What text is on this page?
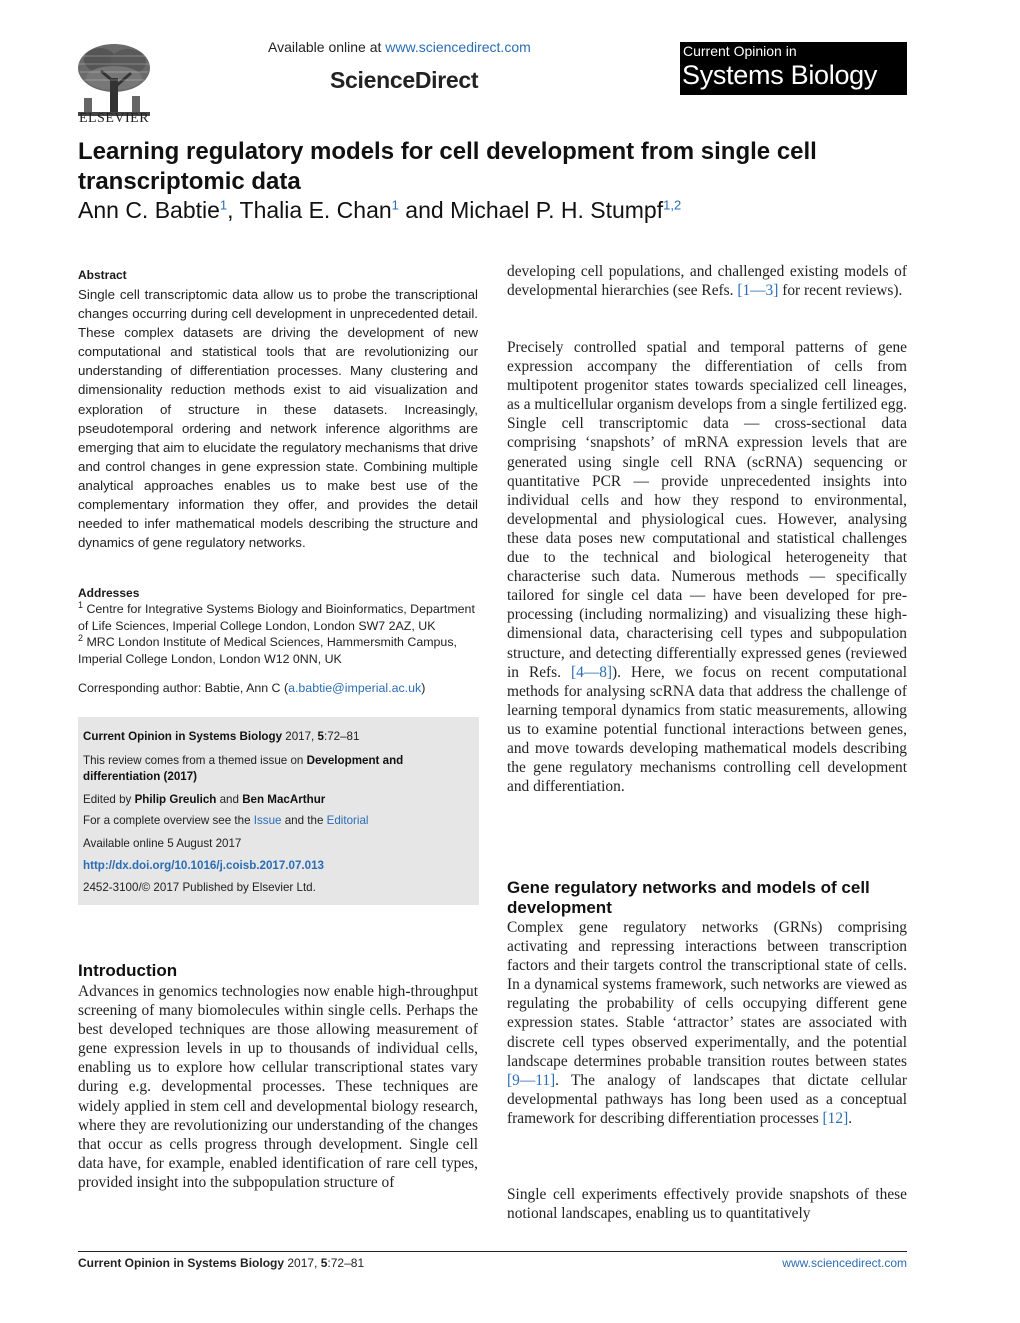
ELSEVIER
Available online at www.sciencedirect.com
ScienceDirect
Current Opinion in
Systems Biology
Learning regulatory models for cell development from single cell transcriptomic data
Ann C. Babtie$^1$, Thalia E. Chan$^1$ and Michael P. H. Stumpf$^{1,2}$
Abstract
Single cell transcriptomic data allow us to probe the transcriptional changes occurring during cell development in unprecedented detail. These complex datasets are driving the development of new computational and statistical tools that are revolutionizing our understanding of differentiation processes. Many clustering and dimensionality reduction methods exist to aid visualization and exploration of structure in these datasets. Increasingly, pseudotemporal ordering and network inference algorithms are emerging that aim to elucidate the regulatory mechanisms that drive and control changes in gene expression state. Combining multiple analytical approaches enables us to make best use of the complementary information they offer, and provides the detail needed to infer mathematical models describing the structure and dynamics of gene regulatory networks.
Addresses
$^1$ Centre for Integrative Systems Biology and Bioinformatics, Department of Life Sciences, Imperial College London, London SW7 2AZ, UK
$^2$ MRC London Institute of Medical Sciences, Hammersmith Campus, Imperial College London, London W12 0NN, UK
Corresponding author: Babtie, Ann C (a.babtie@imperial.ac.uk)
Current Opinion in Systems Biology 2017, 5:72–81
This review comes from a themed issue on Development and differentiation (2017)
Edited by Philip Greulich and Ben MacArthur
For a complete overview see the Issue and the Editorial
Available online 5 August 2017
http://dx.doi.org/10.1016/j.coisb.2017.07.013
2452-3100/© 2017 Published by Elsevier Ltd.
Introduction
Advances in genomics technologies now enable high-throughput screening of many biomolecules within single cells. Perhaps the best developed techniques are those allowing measurement of gene expression levels in up to thousands of individual cells, enabling us to explore how cellular transcriptional states vary during e.g. developmental processes. These techniques are widely applied in stem cell and developmental biology research, where they are revolutionizing our understanding of the changes that occur as cells progress through development. Single cell data have, for example, enabled identification of rare cell types, provided insight into the subpopulation structure of
developing cell populations, and challenged existing models of developmental hierarchies (see Refs. [1—3] for recent reviews).
Precisely controlled spatial and temporal patterns of gene expression accompany the differentiation of cells from multipotent progenitor states towards specialized cell lineages, as a multicellular organism develops from a single fertilized egg. Single cell transcriptomic data — cross-sectional data comprising ‘snapshots’ of mRNA expression levels that are generated using single cell RNA (scRNA) sequencing or quantitative PCR — provide unprecedented insights into individual cells and how they respond to environmental, developmental and physiological cues. However, analysing these data poses new computational and statistical challenges due to the technical and biological heterogeneity that characterise such data. Numerous methods — specifically tailored for single cel data — have been developed for pre-processing (including normalizing) and visualizing these high-dimensional data, characterising cell types and subpopulation structure, and detecting differentially expressed genes (reviewed in Refs. [4—8]). Here, we focus on recent computational methods for analysing scRNA data that address the challenge of learning temporal dynamics from static measurements, allowing us to examine potential functional interactions between genes, and move towards developing mathematical models describing the gene regulatory mechanisms controlling cell development and differentiation.
Gene regulatory networks and models of cell development
Complex gene regulatory networks (GRNs) comprising activating and repressing interactions between transcription factors and their targets control the transcriptional state of cells. In a dynamical systems framework, such networks are viewed as regulating the probability of cells occupying different gene expression states. Stable ‘attractor’ states are associated with discrete cell types observed experimentally, and the potential landscape determines probable transition routes between states [9—11]. The analogy of landscapes that dictate cellular developmental pathways has long been used as a conceptual framework for describing differentiation processes [12].
Single cell experiments effectively provide snapshots of these notional landscapes, enabling us to quantitatively
Current Opinion in Systems Biology 2017, 5:72–81	www.sciencedirect.com
